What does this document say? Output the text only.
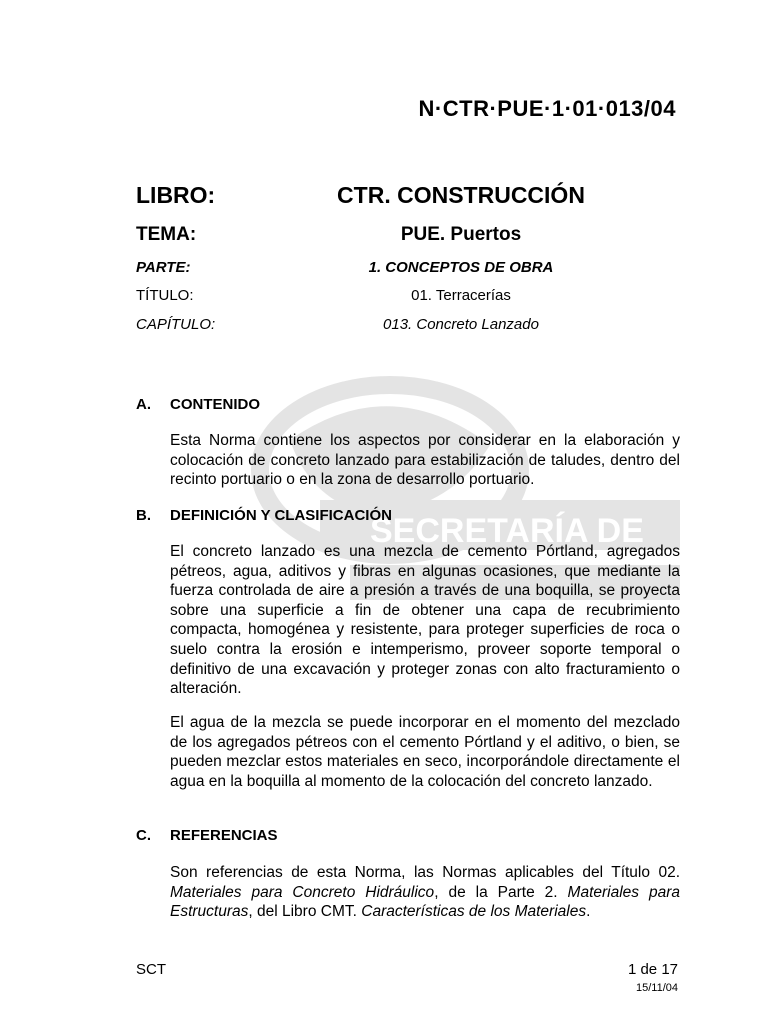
SECRETARÍA DE
N·CTR·PUE·1·01·013/04
LIBRO:	CTR. CONSTRUCCIÓN
TEMA:	PUE. Puertos
PARTE:	1. CONCEPTOS DE OBRA
TÍTULO:	01. Terracerías
CAPÍTULO:	013. Concreto Lanzado
A. CONTENIDO
Esta Norma contiene los aspectos por considerar en la elaboración y colocación de concreto lanzado para estabilización de taludes, dentro del recinto portuario o en la zona de desarrollo portuario.
B. DEFINICIÓN Y CLASIFICACIÓN
El concreto lanzado es una mezcla de cemento Pórtland, agregados pétreos, agua, aditivos y fibras en algunas ocasiones, que mediante la fuerza controlada de aire a presión a través de una boquilla, se proyecta sobre una superficie a fin de obtener una capa de recubrimiento compacta, homogénea y resistente, para proteger superficies de roca o suelo contra la erosión e intemperismo, proveer soporte temporal o definitivo de una excavación y proteger zonas con alto fracturamiento o alteración.
El agua de la mezcla se puede incorporar en el momento del mezclado de los agregados pétreos con el cemento Pórtland y el aditivo, o bien, se pueden mezclar estos materiales en seco, incorporándole directamente el agua en la boquilla al momento de la colocación del concreto lanzado.
C. REFERENCIAS
Son referencias de esta Norma, las Normas aplicables del Título 02. Materiales para Concreto Hidráulico, de la Parte 2. Materiales para Estructuras, del Libro CMT. Características de los Materiales.
SCT	1 de 17
15/11/04
